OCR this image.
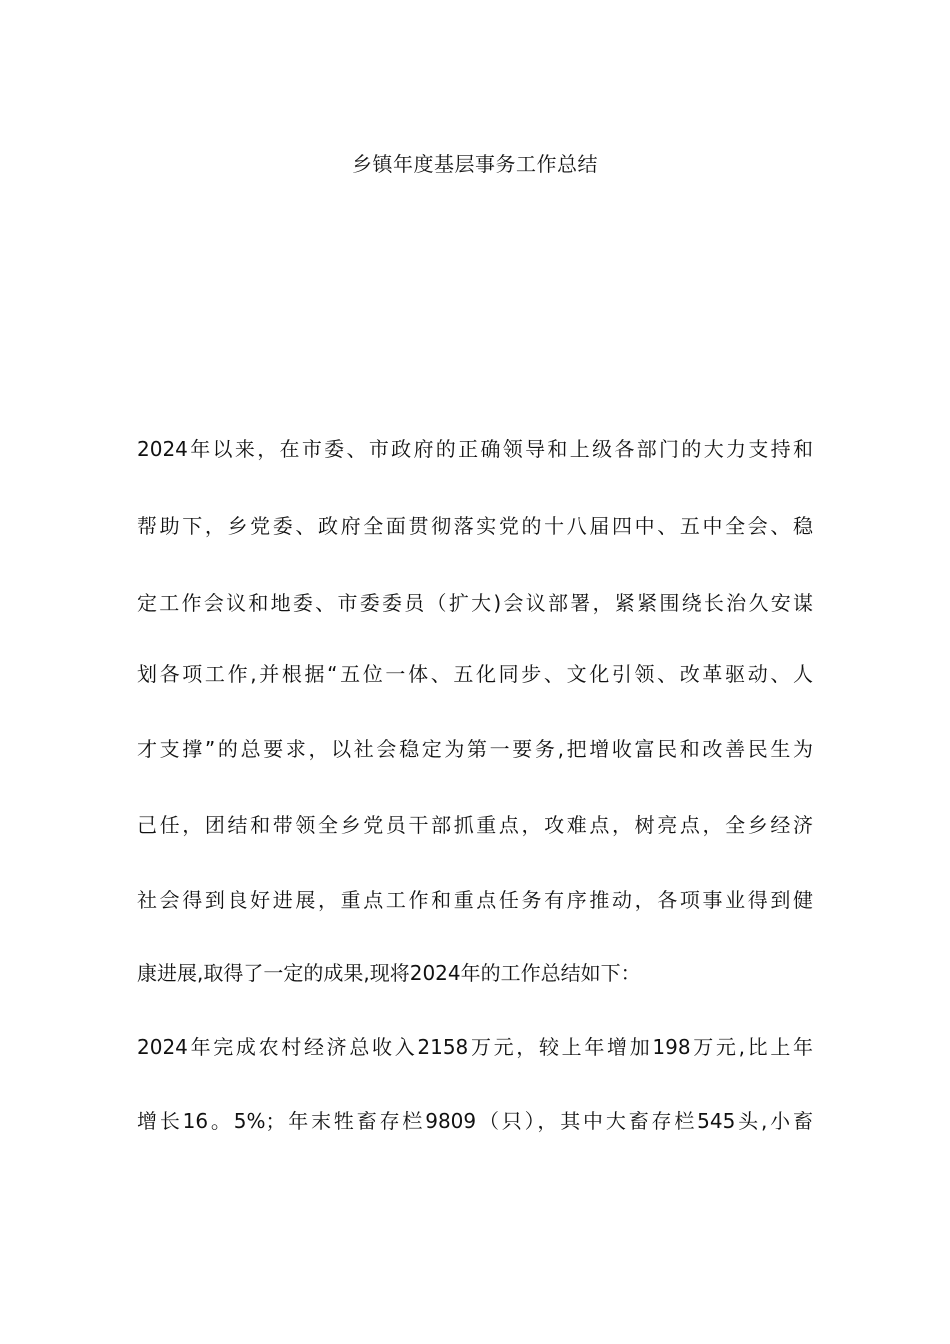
乡镇年度基层事务工作总结
2024年以来，在市委、市政府的正确领导和上级各部门的大力支持和
帮助下，乡党委、政府全面贯彻落实党的十八届四中、五中全会、稳
定工作会议和地委、市委委员（扩大)会议部署，紧紧围绕长治久安谋
划各项工作,并根据“五位一体、五化同步、文化引领、改革驱动、人
才支撑”的总要求，以社会稳定为第一要务,把增收富民和改善民生为
己任，团结和带领全乡党员干部抓重点，攻难点，树亮点，全乡经济
社会得到良好进展，重点工作和重点任务有序推动，各项事业得到健
康进展,取得了一定的成果,现将2024年的工作总结如下：
2024年完成农村经济总收入2158万元，较上年增加198万元,比上年
增长16。5%；年末牲畜存栏9809（只），其中大畜存栏545头,小畜
